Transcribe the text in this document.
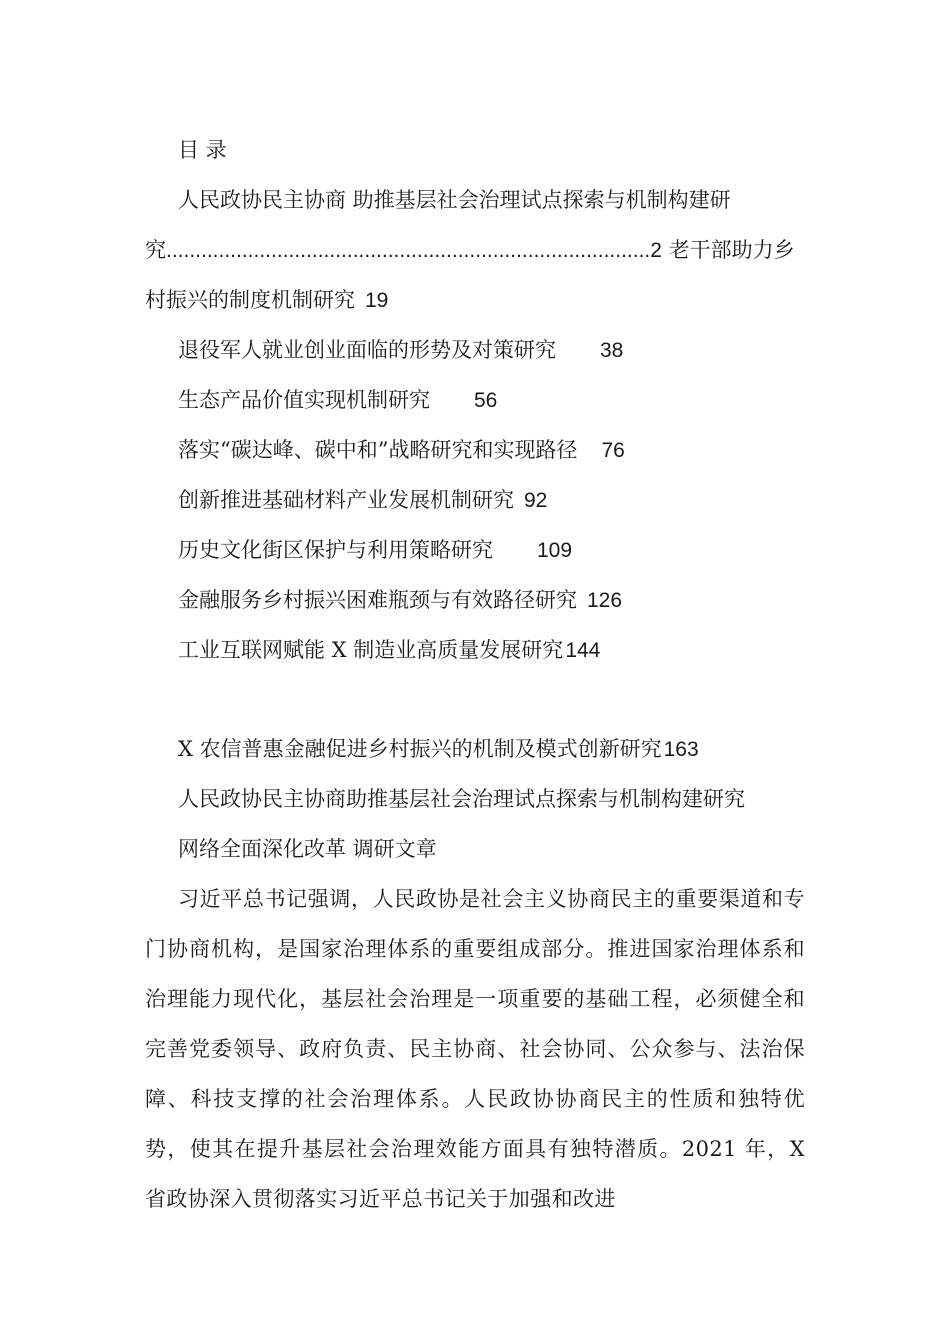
目 录
人民政协民主协商 助推基层社会治理试点探索与机制构建研
究...................................................................................2 老干部助力乡
村振兴的制度机制研究 19
退役军人就业创业面临的形势及对策研究 38
生态产品价值实现机制研究 56
落实“碳达峰、碳中和”战略研究和实现路径 76
创新推进基础材料产业发展机制研究 92
历史文化街区保护与利用策略研究 109
金融服务乡村振兴困难瓶颈与有效路径研究 126
工业互联网赋能 X 制造业高质量发展研究144
X 农信普惠金融促进乡村振兴的机制及模式创新研究163
人民政协民主协商助推基层社会治理试点探索与机制构建研究
网络全面深化改革 调研文章
习近平总书记强调，人民政协是社会主义协商民主的重要渠道和专门协商机构，是国家治理体系的重要组成部分。推进国家治理体系和治理能力现代化，基层社会治理是一项重要的基础工程，必须健全和完善党委领导、政府负责、民主协商、社会协同、公众参与、法治保障、科技支撑的社会治理体系。人民政协协商民主的性质和独特优势，使其在提升基层社会治理效能方面具有独特潜质。2021 年，X 省政协深入贯彻落实习近平总书记关于加强和改进
